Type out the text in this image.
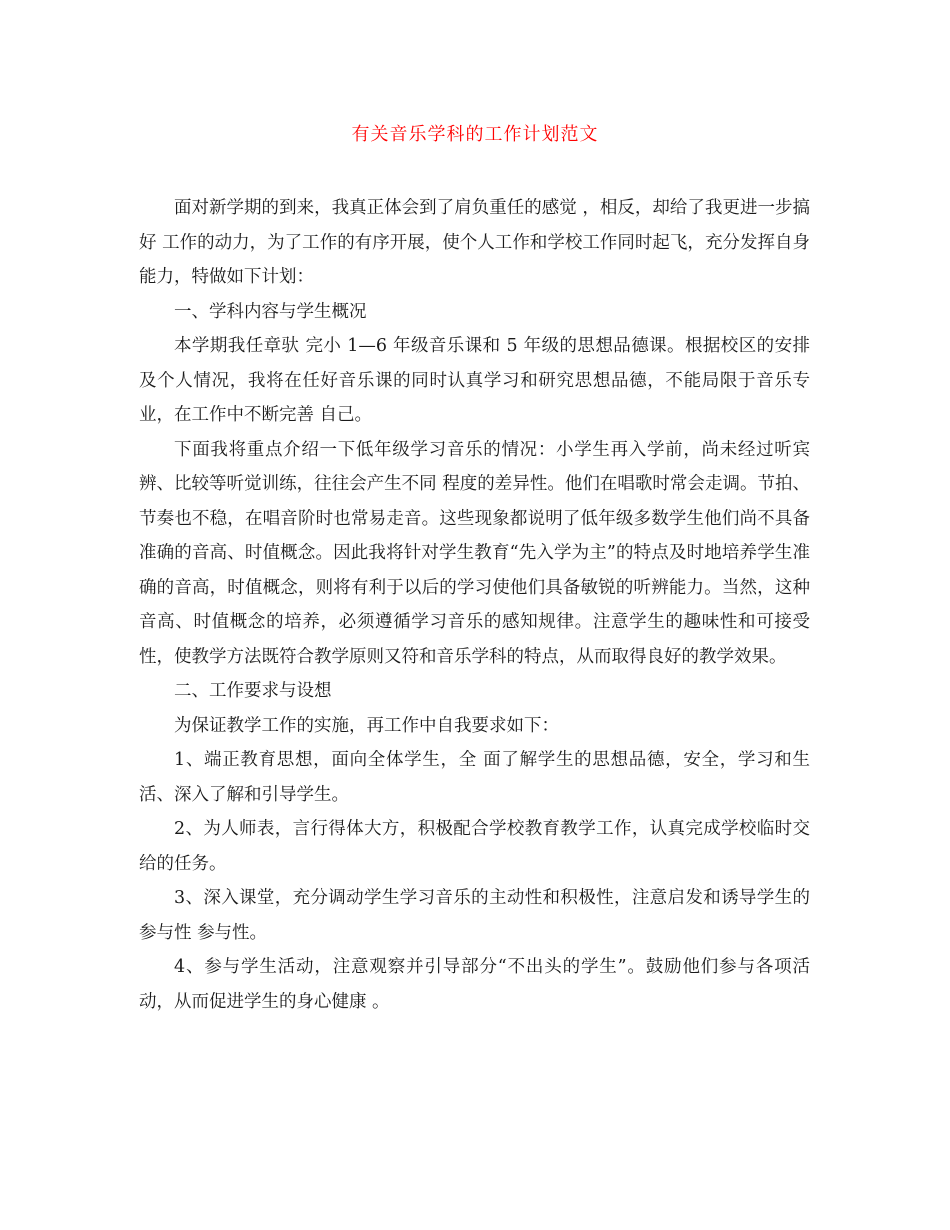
有关音乐学科的工作计划范文

面对新学期的到来，我真正体会到了肩负重任的感觉 ，相反，却给了我更进一步搞好 工作的动力，为了工作的有序开展，使个人工作和学校工作同时起飞，充分发挥自身能力，特做如下计划：

一、学科内容与学生概况

本学期我任章驮 完小 1—6 年级音乐课和 5 年级的思想品德课。根据校区的安排及个人情况，我将在任好音乐课的同时认真学习和研究思想品德，不能局限于音乐专业，在工作中不断完善 自己。

下面我将重点介绍一下低年级学习音乐的情况：小学生再入学前，尚未经过听宾辨、比较等听觉训练，往往会产生不同 程度的差异性。他们在唱歌时常会走调。节拍、节奏也不稳，在唱音阶时也常易走音。这些现象都说明了低年级多数学生他们尚不具备准确的音高、时值概念。因此我将针对学生教育“先入学为主”的特点及时地培养学生准确的音高，时值概念，则将有利于以后的学习使他们具备敏锐的听辨能力。当然，这种音高、时值概念的培养，必须遵循学习音乐的感知规律。注意学生的趣味性和可接受性，使教学方法既符合教学原则又符和音乐学科的特点，从而取得良好的教学效果。

二、工作要求与设想

为保证教学工作的实施，再工作中自我要求如下：

1、端正教育思想，面向全体学生，全 面了解学生的思想品德，安全，学习和生活、深入了解和引导学生。

2、为人师表，言行得体大方，积极配合学校教育教学工作，认真完成学校临时交给的任务。

3、深入课堂，充分调动学生学习音乐的主动性和积极性，注意启发和诱导学生的参与性 参与性。

4、参与学生活动，注意观察并引导部分“不出头的学生”。鼓励他们参与各项活动，从而促进学生的身心健康 。
